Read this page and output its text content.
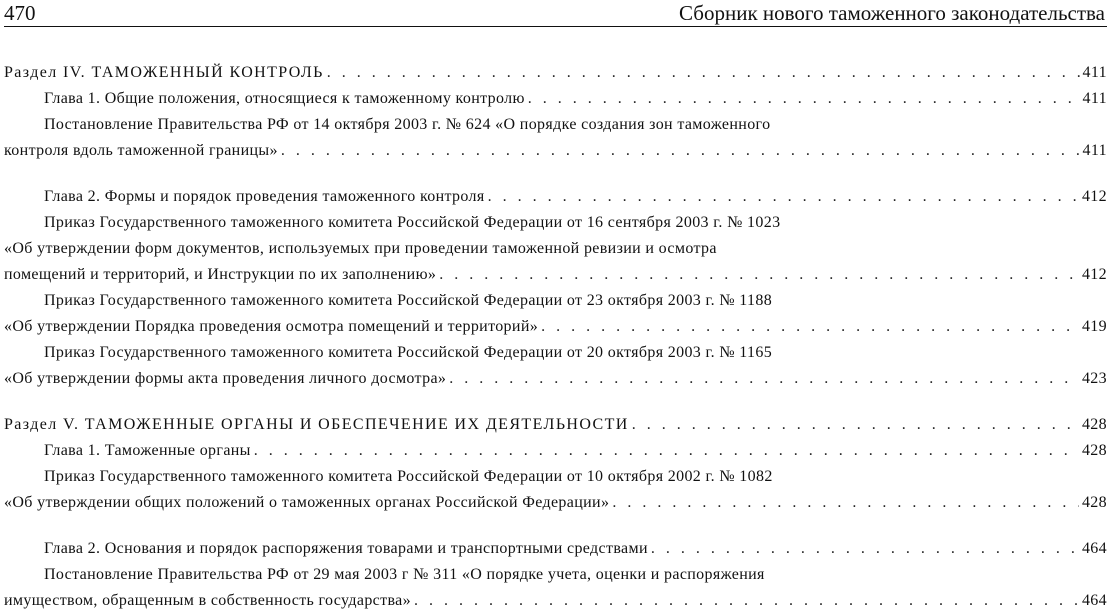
470	Сборник нового таможенного законодательства
Раздел IV. ТАМОЖЕННЫЙ КОНТРОЛЬ . . .	411
Глава 1. Общие положения, относящиеся к таможенному контролю . . .	411
Постановление Правительства РФ от 14 октября 2003 г. № 624 «О порядке создания зон таможенного
контроля вдоль таможенной границы» . . .	411
Глава 2. Формы и порядок проведения таможенного контроля . . .	412
Приказ Государственного таможенного комитета Российской Федерации от 16 сентября 2003 г. № 1023
«Об утверждении форм документов, используемых при проведении таможенной ревизии и осмотра
помещений и территорий, и Инструкции по их заполнению» . . .	412
Приказ Государственного таможенного комитета Российской Федерации от 23 октября 2003 г. № 1188
«Об утверждении Порядка проведения осмотра помещений и территорий» . . .	419
Приказ Государственного таможенного комитета Российской Федерации от 20 октября 2003 г. № 1165
«Об утверждении формы акта проведения личного досмотра» . . .	423
Раздел V. ТАМОЖЕННЫЕ ОРГАНЫ И ОБЕСПЕЧЕНИЕ ИХ ДЕЯТЕЛЬНОСТИ . . .	428
Глава 1. Таможенные органы . . .	428
Приказ Государственного таможенного комитета Российской Федерации от 10 октября 2002 г. № 1082
«Об утверждении общих положений о таможенных органах Российской Федерации» . . .	428
Глава 2. Основания и порядок распоряжения товарами и транспортными средствами . . .	464
Постановление Правительства РФ от 29 мая 2003 г № 311 «О порядке учета, оценки и распоряжения
имуществом, обращенным в собственность государства» . . .	464
